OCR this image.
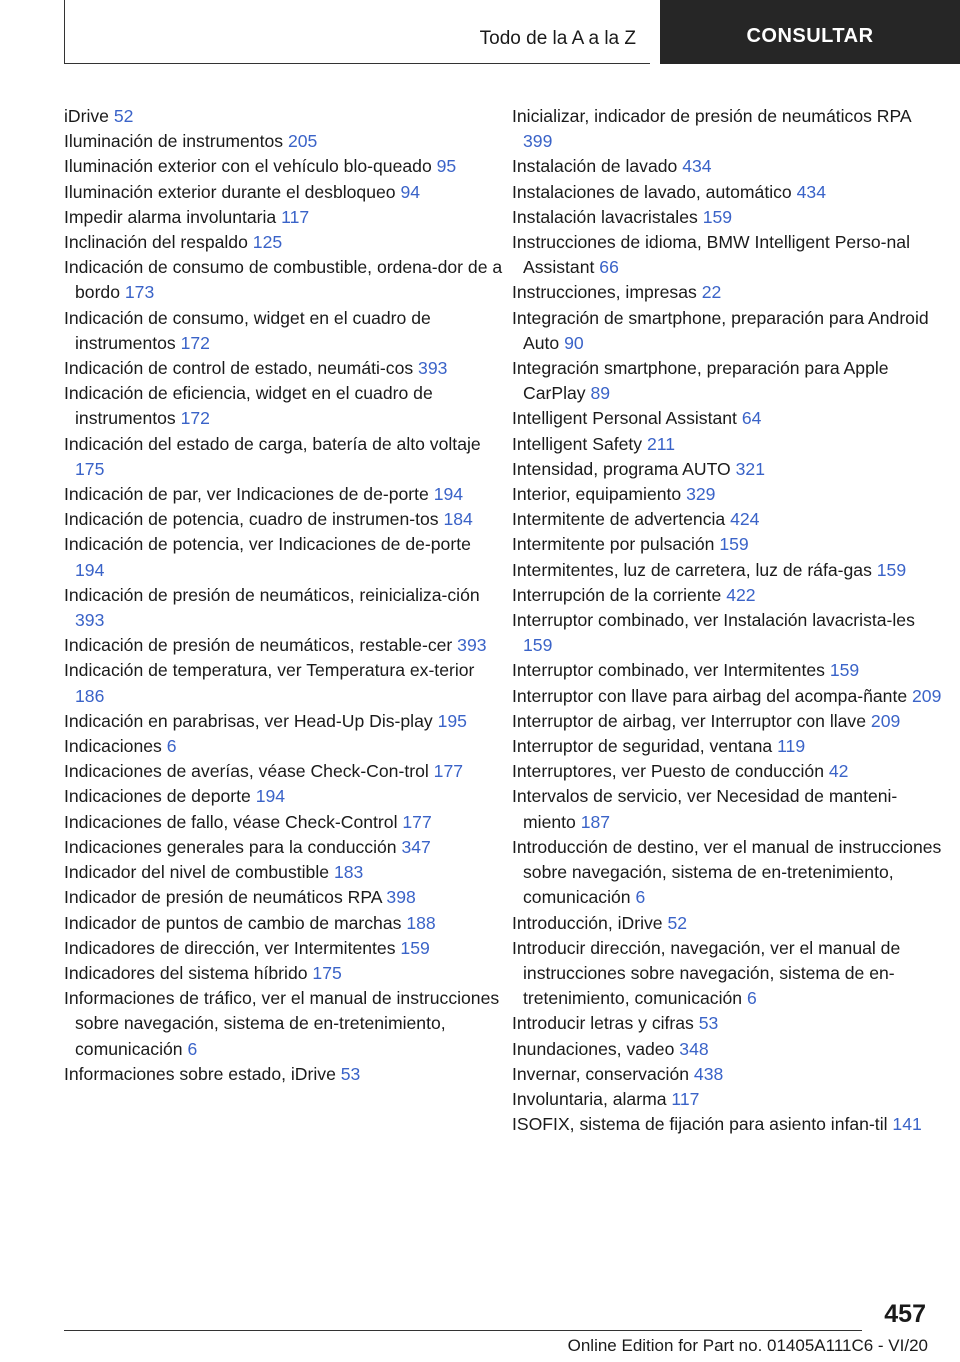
Todo de la A a la Z	CONSULTAR

iDrive 52

Iluminación de instrumentos 205

Iluminación exterior con el vehículo blo‐queado 95

Iluminación exterior durante el desbloqueo 94

Impedir alarma involuntaria 117

Inclinación del respaldo 125

Indicación de consumo de combustible, ordena‐dor de a bordo 173

Indicación de consumo, widget en el cuadro de instrumentos 172

Indicación de control de estado, neumáti‐cos 393

Indicación de eficiencia, widget en el cuadro de instrumentos 172

Indicación del estado de carga, batería de alto voltaje 175

Indicación de par, ver Indicaciones de de‐porte 194

Indicación de potencia, cuadro de instrumen‐tos 184

Indicación de potencia, ver Indicaciones de de‐porte 194

Indicación de presión de neumáticos, reinicializa‐ción 393

Indicación de presión de neumáticos, restable‐cer 393

Indicación de temperatura, ver Temperatura ex‐terior 186

Indicación en parabrisas, ver Head-Up Dis‐play 195

Indicaciones 6

Indicaciones de averías, véase Check-Con‐trol 177

Indicaciones de deporte 194

Indicaciones de fallo, véase Check-Control 177

Indicaciones generales para la conducción 347

Indicador del nivel de combustible 183

Indicador de presión de neumáticos RPA 398

Indicador de puntos de cambio de marchas 188

Indicadores de dirección, ver Intermitentes 159

Indicadores del sistema híbrido 175

Informaciones de tráfico, ver el manual de instrucciones sobre navegación, sistema de en‐tretenimiento, comunicación 6

Informaciones sobre estado, iDrive 53

Inicializar, indicador de presión de neumáticos RPA 399

Instalación de lavado 434

Instalaciones de lavado, automático 434

Instalación lavacristales 159

Instrucciones de idioma, BMW Intelligent Perso‐nal Assistant 66

Instrucciones, impresas 22

Integración de smartphone, preparación para Android Auto 90

Integración smartphone, preparación para Apple CarPlay 89

Intelligent Personal Assistant 64

Intelligent Safety 211

Intensidad, programa AUTO 321

Interior, equipamiento 329

Intermitente de advertencia 424

Intermitente por pulsación 159

Intermitentes, luz de carretera, luz de ráfa‐gas 159

Interrupción de la corriente 422

Interruptor combinado, ver Instalación lavacrista‐les 159

Interruptor combinado, ver Intermitentes 159

Interruptor con llave para airbag del acompa‐ñante 209

Interruptor de airbag, ver Interruptor con llave 209

Interruptor de seguridad, ventana 119

Interruptores, ver Puesto de conducción 42

Intervalos de servicio, ver Necesidad de manteni‐miento 187

Introducción de destino, ver el manual de instrucciones sobre navegación, sistema de en‐tretenimiento, comunicación 6

Introducción, iDrive 52

Introducir dirección, navegación, ver el manual de instrucciones sobre navegación, sistema de en‐tretenimiento, comunicación 6

Introducir letras y cifras 53

Inundaciones, vadeo 348

Invernar, conservación 438

Involuntaria, alarma 117

ISOFIX, sistema de fijación para asiento infan‐til 141

457
Online Edition for Part no. 01405A111C6 - VI/20
